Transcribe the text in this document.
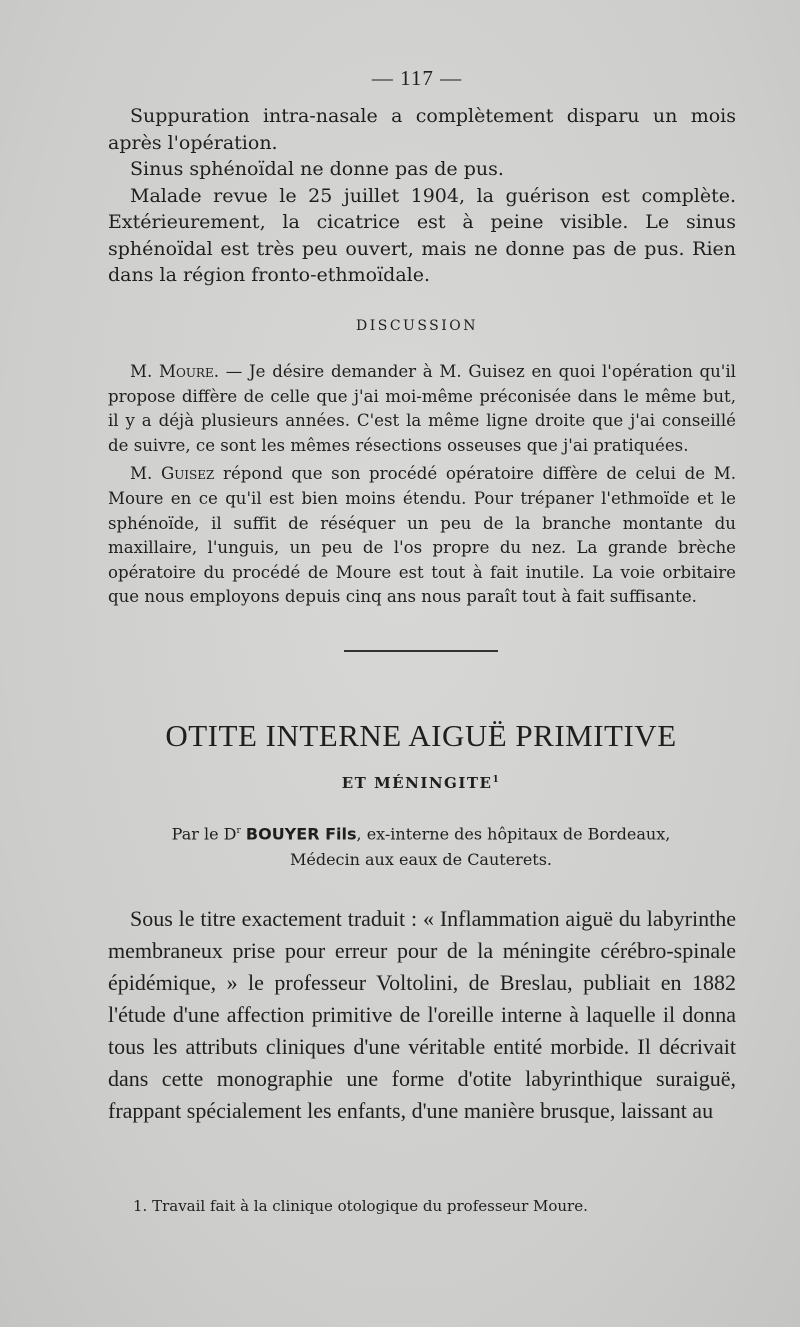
— 117 —

Suppuration intra-nasale a complètement disparu un mois après l'opération.

Sinus sphénoïdal ne donne pas de pus.

Malade revue le 25 juillet 1904, la guérison est complète. Extérieurement, la cicatrice est à peine visible. Le sinus sphénoïdal est très peu ouvert, mais ne donne pas de pus. Rien dans la région fronto-ethmoïdale.

DISCUSSION

M. Moure. — Je désire demander à M. Guisez en quoi l'opération qu'il propose diffère de celle que j'ai moi-même préconisée dans le même but, il y a déjà plusieurs années. C'est la même ligne droite que j'ai conseillé de suivre, ce sont les mêmes résections osseuses que j'ai pratiquées.

M. Guisez répond que son procédé opératoire diffère de celui de M. Moure en ce qu'il est bien moins étendu. Pour trépaner l'ethmoïde et le sphénoïde, il suffit de réséquer un peu de la branche montante du maxillaire, l'unguis, un peu de l'os propre du nez. La grande brèche opératoire du procédé de Moure est tout à fait inutile. La voie orbitaire que nous employons depuis cinq ans nous paraît tout à fait suffisante.

OTITE INTERNE AIGUË PRIMITIVE
ET MÉNINGITE$^1$
Par le $D^r$ BOUYER Fils, ex-interne des hôpitaux de Bordeaux,
Médecin aux eaux de Cauterets.

Sous le titre exactement traduit : « Inflammation aiguë du labyrinthe membraneux prise pour erreur pour de la méningite cérébro-spinale épidémique, » le professeur Voltolini, de Breslau, publiait en 1882 l'étude d'une affection primitive de l'oreille interne à laquelle il donna tous les attributs cliniques d'une véritable entité morbide. Il décrivait dans cette monographie une forme d'otite labyrinthique suraiguë, frappant spécialement les enfants, d'une manière brusque, laissant au

1. Travail fait à la clinique otologique du professeur Moure.
